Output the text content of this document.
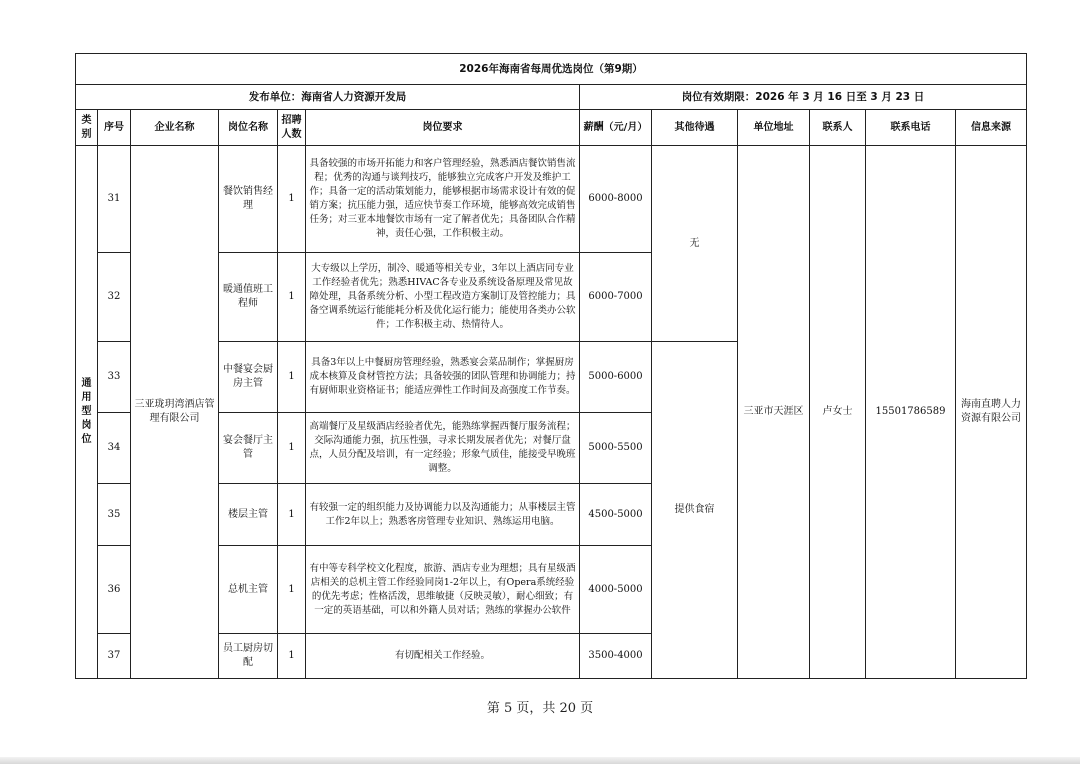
2026年海南省每周优选岗位（第9期）											
发布单位：海南省人力资源开发局						岗位有效期限：2026 年 3 月 16 日至 3 月 23 日					
类别	序号	企业名称	岗位名称	招聘人数	岗位要求	薪酬（元/月）	其他待遇	单位地址	联系人	联系电话	信息来源

通用型岗位	31	三亚珑玥湾酒店管理有限公司	餐饮销售经理	1	具备较强的市场开拓能力和客户管理经验，熟悉酒店餐饮销售流程；优秀的沟通与谈判技巧，能够独立完成客户开发及维护工作；具备一定的活动策划能力，能够根据市场需求设计有效的促销方案；抗压能力强，适应快节奏工作环境，能够高效完成销售任务；对三亚本地餐饮市场有一定了解者优先；具备团队合作精神，责任心强，工作积极主动。	6000-8000	无	三亚市天涯区	卢女士	15501786589	海南直聘人力资源有限公司
	32		暖通值班工程师	1	大专级以上学历，制冷、暖通等相关专业，3年以上酒店同专业工作经验者优先；熟悉HIVAC各专业及系统设备原理及常见故障处理，具备系统分析、小型工程改造方案制订及管控能力；具备空调系统运行能能耗分析及优化运行能力；能使用各类办公软件；工作积极主动、热情待人。	6000-7000					
	33		中餐宴会厨房主管	1	具备3年以上中餐厨房管理经验，熟悉宴会菜品制作；掌握厨房成本核算及食材管控方法；具备较强的团队管理和协调能力；持有厨师职业资格证书；能适应弹性工作时间及高强度工作节奏。	5000-6000	提供食宿				
	34		宴会餐厅主管	1	高端餐厅及星级酒店经验者优先，能熟练掌握西餐厅服务流程；交际沟通能力强，抗压性强，寻求长期发展者优先；对餐厅盘点，人员分配及培训，有一定经验；形象气质佳，能接受早晚班调整。	5000-5500					
	35		楼层主管	1	有较强一定的组织能力及协调能力以及沟通能力；从事楼层主管工作2年以上；熟悉客房管理专业知识、熟练运用电脑。	4500-5000					
	36		总机主管	1	有中等专科学校文化程度，旅游、酒店专业为理想；具有星级酒店相关的总机主管工作经验同岗1-2年以上，有Opera系统经验的优先考虑；性格活泼，思维敏捷（反映灵敏），耐心细致；有一定的英语基础，可以和外籍人员对话；熟练的掌握办公软件	4000-5000					
	37		员工厨房切配	1	有切配相关工作经验。	3500-4000					
第 5 页，共 20 页
